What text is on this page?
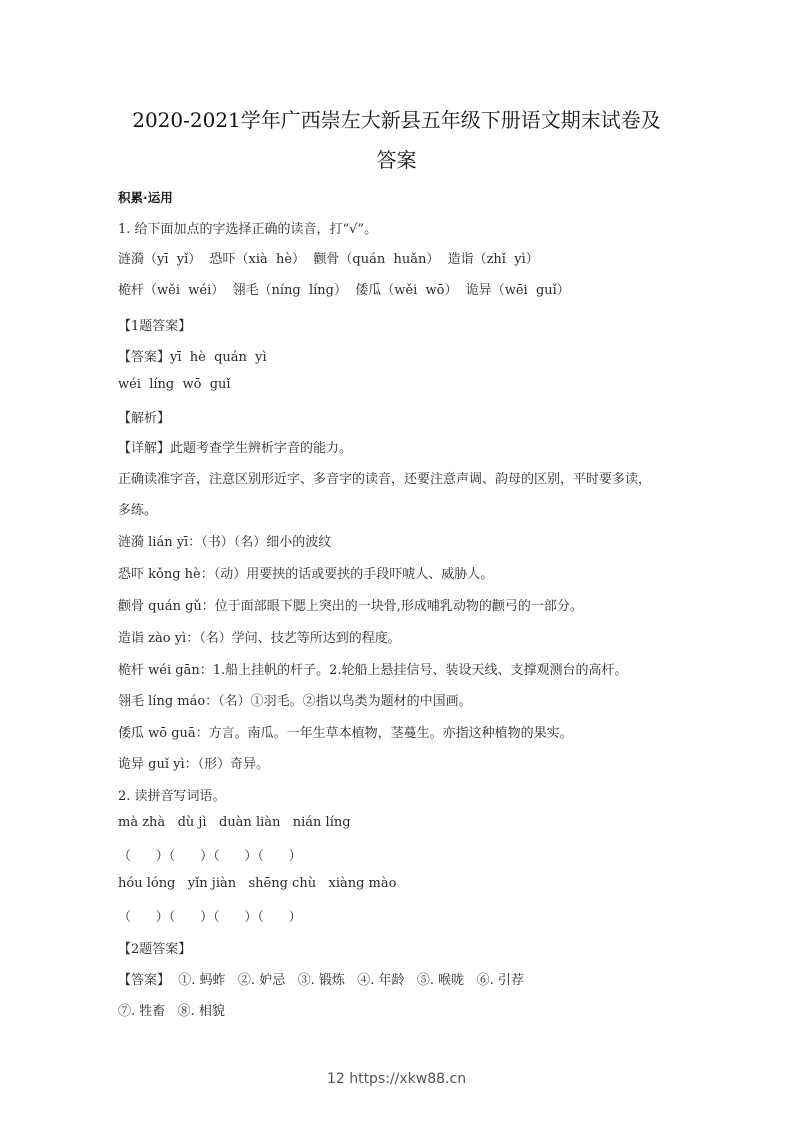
2020-2021学年广西崇左大新县五年级下册语文期末试卷及
答案
积累·运用
1. 给下面加点的字选择正确的读音，打“√”。
涟漪（yī  yǐ）  恐吓（xià  hè）  颧骨（quán  huǎn）  造诣（zhǐ  yì）
桅杆（wěi  wéi）  翎毛（níng  líng）  倭瓜（wěi  wō）  诡异（wēi  guǐ）
【1题答案】
【答案】yī  hè  quán  yì
wéi  líng  wō  guǐ
【解析】
【详解】此题考查学生辨析字音的能力。
正确读准字音，注意区别形近字、多音字的读音，还要注意声调、韵母的区别，平时要多读，
多练。
涟漪 lián yī：（书）（名）细小的波纹
恐吓 kǒng hè：（动）用要挟的话或要挟的手段吓唬人、威胁人。
颧骨 quán gǔ：位于面部眼下腮上突出的一块骨,形成哺乳动物的颧弓的一部分。
造诣 zào yì：（名）学问、技艺等所达到的程度。
桅杆 wéi gān：1.船上挂帆的杆子。2.轮船上悬挂信号、装设天线、支撑观测台的高杆。
翎毛 líng máo：（名）①羽毛。②指以鸟类为题材的中国画。
倭瓜 wō guā：方言。南瓜。一年生草本植物，茎蔓生。亦指这种植物的果实。
诡异 guǐ yì：（形）奇异。
2. 读拼音写词语。
mà zhà   dù jì   duàn liàn   nián líng
（      ）（      ）（      ）（      ）
hóu lóng   yǐn jiàn   shēng chù   xiàng mào
（      ）（      ）（      ）（      ）
【2题答案】
【答案】  ①. 蚂蚱   ②. 妒忌   ③. 锻炼   ④. 年龄   ⑤. 喉咙   ⑥. 引荐
⑦. 牲畜   ⑧. 相貌
12 https://xkw88.cn
